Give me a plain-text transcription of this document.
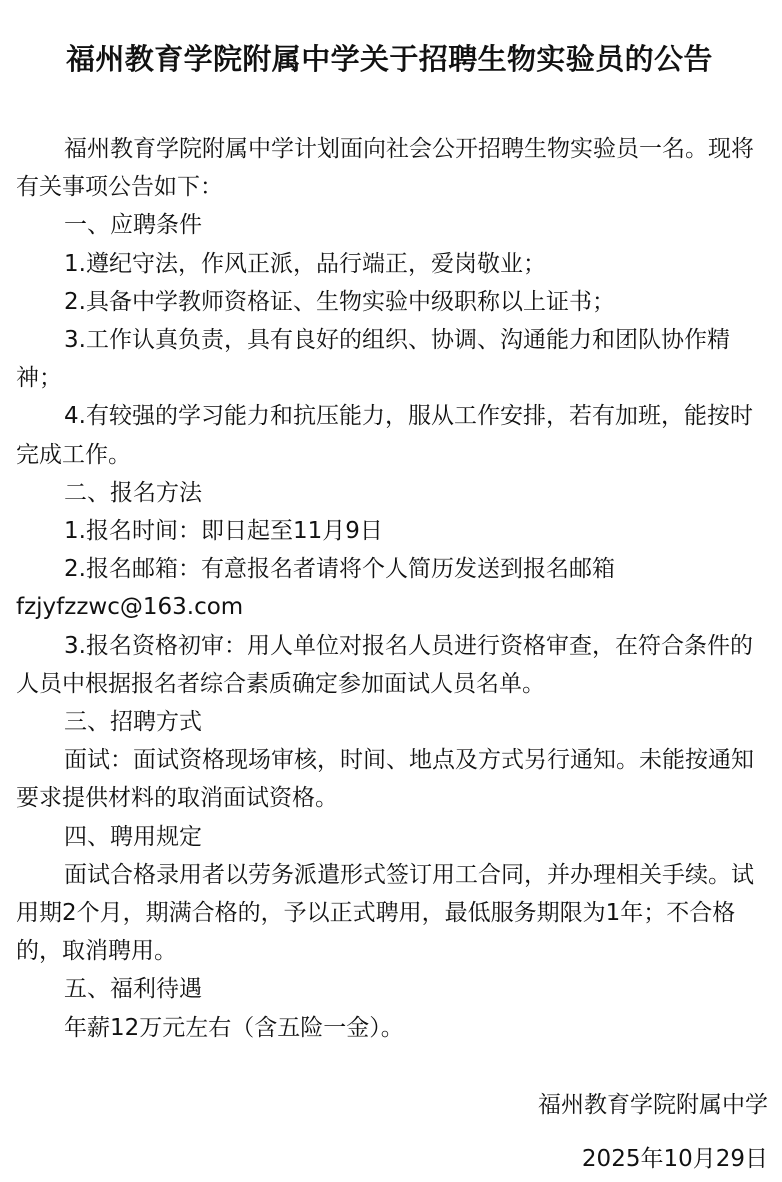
福州教育学院附属中学关于招聘生物实验员的公告

福州教育学院附属中学计划面向社会公开招聘生物实验员一名。现将有关事项公告如下：

一、应聘条件

1.遵纪守法，作风正派，品行端正，爱岗敬业；

2.具备中学教师资格证、生物实验中级职称以上证书；

3.工作认真负责，具有良好的组织、协调、沟通能力和团队协作精神；

4.有较强的学习能力和抗压能力，服从工作安排，若有加班，能按时完成工作。

二、报名方法

1.报名时间：即日起至11月9日

2.报名邮箱：有意报名者请将个人简历发送到报名邮箱fzjyfzzwc@163.com

3.报名资格初审：用人单位对报名人员进行资格审查，在符合条件的人员中根据报名者综合素质确定参加面试人员名单。

三、招聘方式

面试：面试资格现场审核，时间、地点及方式另行通知。未能按通知要求提供材料的取消面试资格。

四、聘用规定

面试合格录用者以劳务派遣形式签订用工合同，并办理相关手续。试用期2个月，期满合格的，予以正式聘用，最低服务期限为1年；不合格的，取消聘用。

五、福利待遇

年薪12万元左右（含五险一金）。

福州教育学院附属中学

2025年10月29日
